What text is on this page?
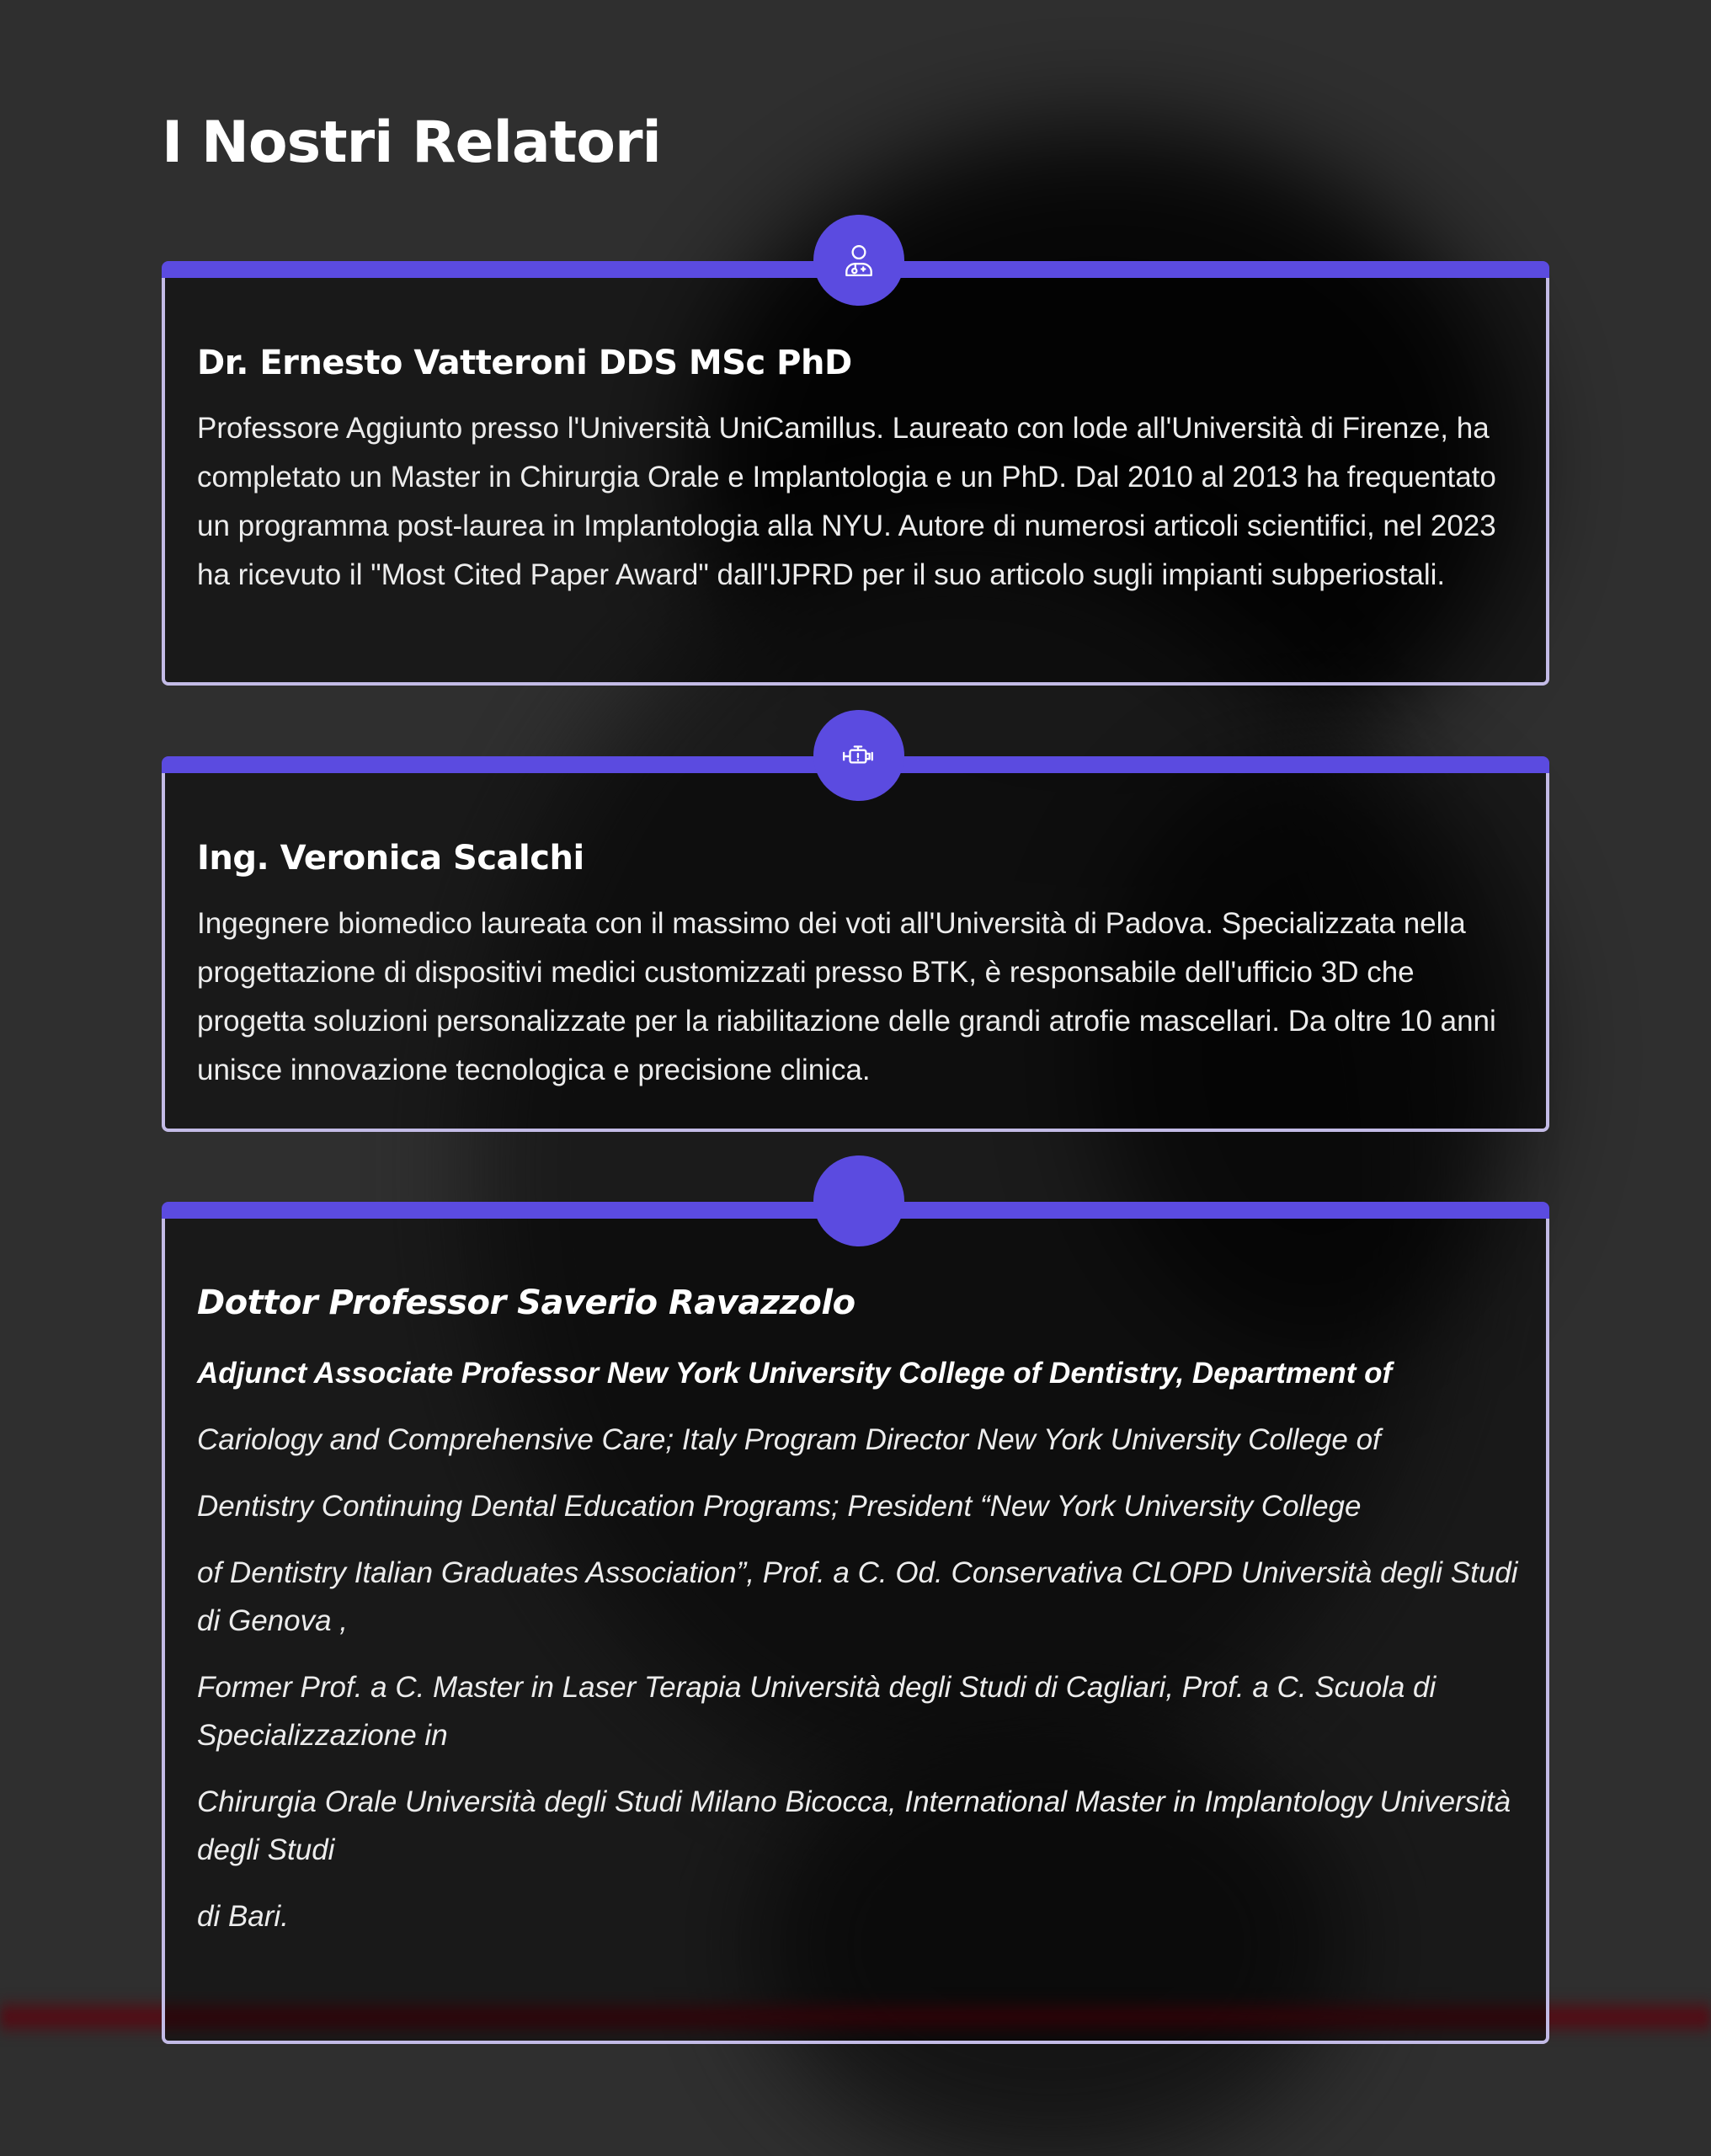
I Nostri Relatori
Dr. Ernesto Vatteroni DDS MSc PhD

Professore Aggiunto presso l'Università UniCamillus. Laureato con lode all'Università di Firenze, ha completato un Master in Chirurgia Orale e Implantologia e un PhD. Dal 2010 al 2013 ha frequentato un programma post-laurea in Implantologia alla NYU. Autore di numerosi articoli scientifici, nel 2023 ha ricevuto il "Most Cited Paper Award" dall'IJPRD per il suo articolo sugli impianti subperiostali.

Ing. Veronica Scalchi

Ingegnere biomedico laureata con il massimo dei voti all'Università di Padova. Specializzata nella progettazione di dispositivi medici customizzati presso BTK, è responsabile dell'ufficio 3D che progetta soluzioni personalizzate per la riabilitazione delle grandi atrofie mascellari. Da oltre 10 anni unisce innovazione tecnologica e precisione clinica.

Dottor Professor Saverio Ravazzolo

Adjunct Associate Professor New York University College of Dentistry, Department of

Cariology and Comprehensive Care; Italy Program Director New York University College of

Dentistry Continuing Dental Education Programs; President “New York University College

of Dentistry Italian Graduates Association”, Prof. a C. Od. Conservativa CLOPD Università degli Studi di Genova ,

Former Prof. a C. Master in Laser Terapia Università degli Studi di Cagliari, Prof. a C. Scuola di Specializzazione in

Chirurgia Orale Università degli Studi Milano Bicocca, International Master in Implantology Università degli Studi

di Bari.
